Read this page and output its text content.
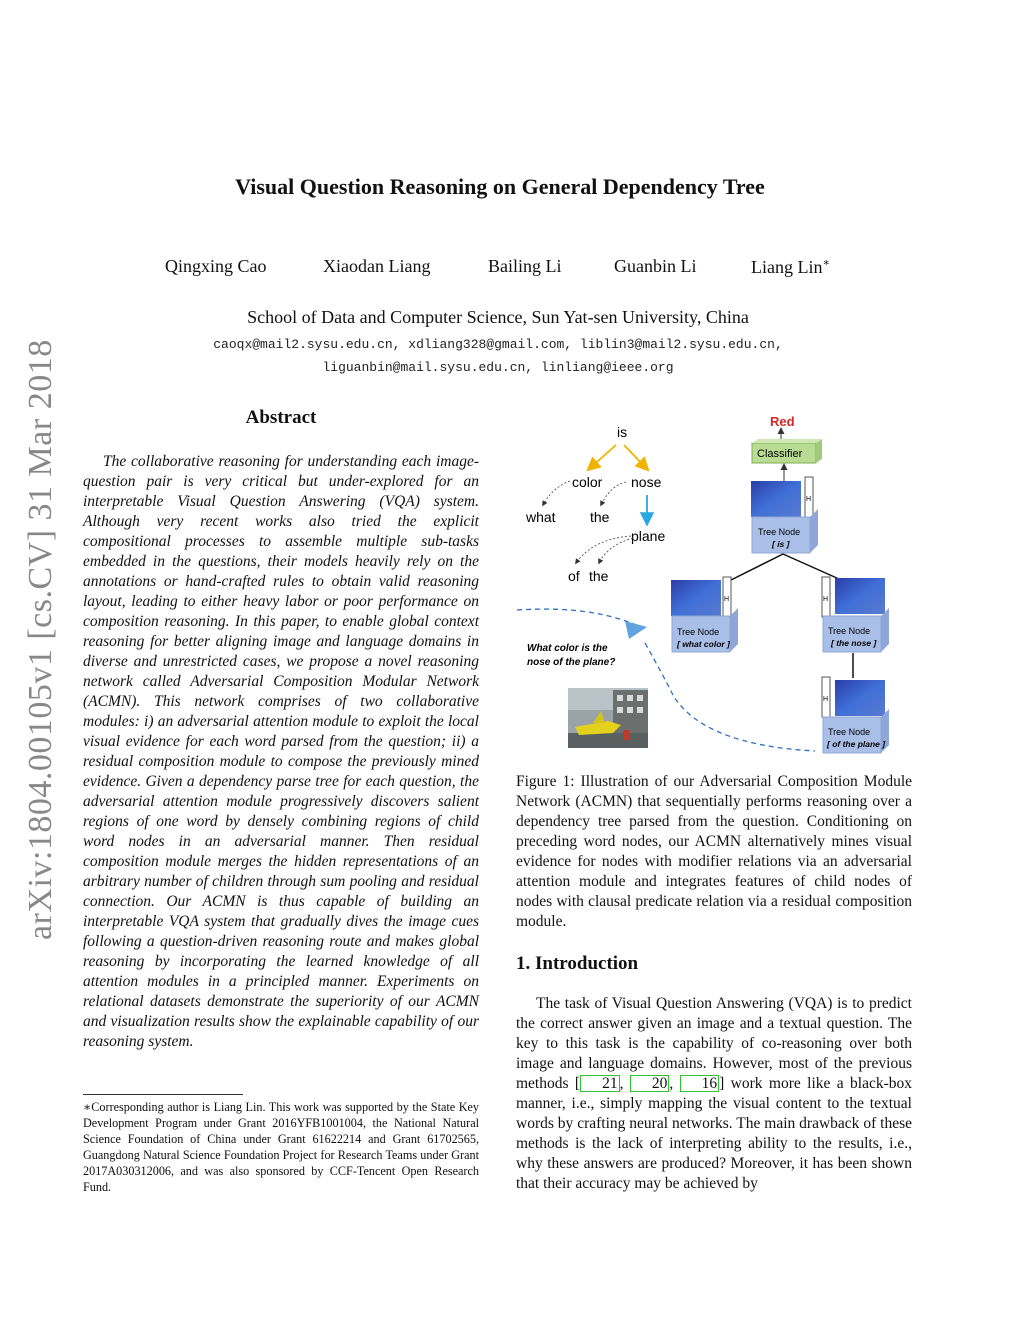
arXiv:1804.00105v1 [cs.CV] 31 Mar 2018
Visual Question Reasoning on General Dependency Tree
Qingxing Cao	Xiaodan Liang	Bailing Li	Guanbin Li	Liang Lin∗
School of Data and Computer Science, Sun Yat-sen University, China
caoqx@mail2.sysu.edu.cn, xdliang328@gmail.com, liblin3@mail2.sysu.edu.cn,
liguanbin@mail.sysu.edu.cn, linliang@ieee.org
Abstract

The collaborative reasoning for understanding each image-question pair is very critical but under-explored for an interpretable Visual Question Answering (VQA) system. Although very recent works also tried the explicit compositional processes to assemble multiple sub-tasks embedded in the questions, their models heavily rely on the annotations or hand-crafted rules to obtain valid reasoning layout, leading to either heavy labor or poor performance on composition reasoning. In this paper, to enable global context reasoning for better aligning image and language domains in diverse and unrestricted cases, we propose a novel reasoning network called Adversarial Composition Modular Network (ACMN). This network comprises of two collaborative modules: i) an adversarial attention module to exploit the local visual evidence for each word parsed from the question; ii) a residual composition module to compose the previously mined evidence. Given a dependency parse tree for each question, the adversarial attention module progressively discovers salient regions of one word by densely combining regions of child word nodes in an adversarial manner. Then residual composition module merges the hidden representations of an arbitrary number of children through sum pooling and residual connection. Our ACMN is thus capable of building an interpretable VQA system that gradually dives the image cues following a question-driven reasoning route and makes global reasoning by incorporating the learned knowledge of all attention modules in a principled manner. Experiments on relational datasets demonstrate the superiority of our ACMN and visualization results show the explainable capability of our reasoning system.

∗Corresponding author is Liang Lin. This work was supported by the State Key Development Program under Grant 2016YFB1001004, the National Natural Science Foundation of China under Grant 61622214 and Grant 61702565, Guangdong Natural Science Foundation Project for Research Teams under Grant 2017A030312006, and was also sponsored by CCF-Tencent Open Research Fund.
is
color nose
what the
plane
of the
Red
Classifier
H
Tree Node
[ is ]
H
Tree Node
[ what color ]
H
Tree Node
[ the nose ]
H
Tree Node
[ of the plane ]
What color is the
nose of the plane?
Figure 1: Illustration of our Adversarial Composition Module Network (ACMN) that sequentially performs reasoning over a dependency tree parsed from the question. Conditioning on preceding word nodes, our ACMN alternatively mines visual evidence for nodes with modifier relations via an adversarial attention module and integrates features of child nodes of nodes with clausal predicate relation via a residual composition module.
1. Introduction

The task of Visual Question Answering (VQA) is to predict the correct answer given an image and a textual question. The key to this task is the capability of co-reasoning over both image and language domains. However, most of the previous methods [ 21 , 20 , 16 ] work more like a black-box manner, i.e., simply mapping the visual content to the textual words by crafting neural networks. The main drawback of these methods is the lack of interpreting ability to the results, i.e., why these answers are produced? Moreover, it has been shown that their accuracy may be achieved by
